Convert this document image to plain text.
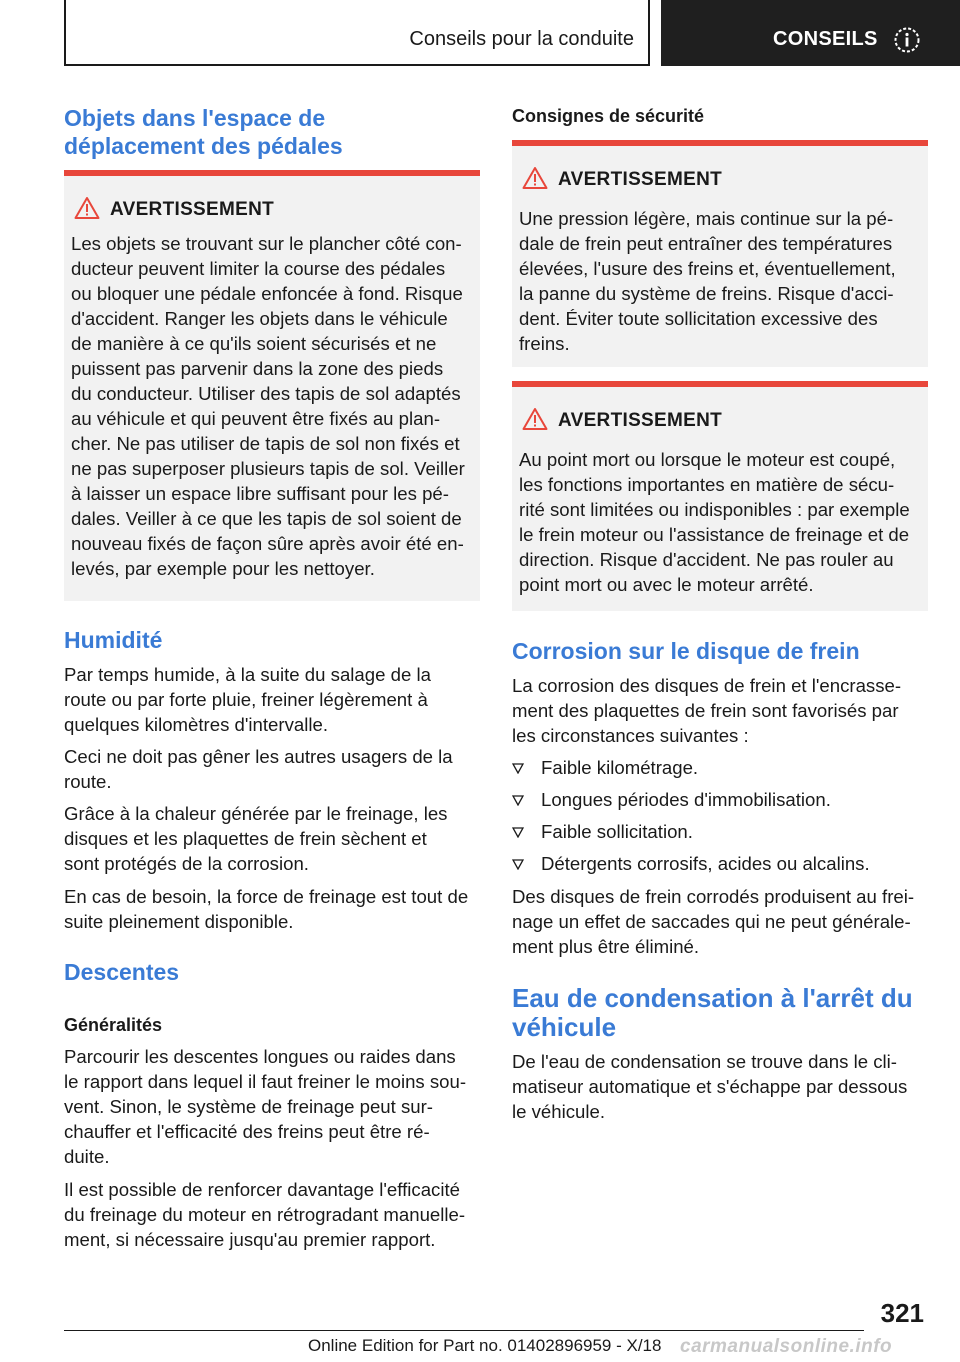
Conseils pour la conduite	CONSEILS
Objets dans l'espace de
déplacement des pédales
AVERTISSEMENT
Les objets se trouvant sur le plancher côté con‐
ducteur peuvent limiter la course des pédales
ou bloquer une pédale enfoncée à fond. Risque
d'accident. Ranger les objets dans le véhicule
de manière à ce qu'ils soient sécurisés et ne
puissent pas parvenir dans la zone des pieds
du conducteur. Utiliser des tapis de sol adaptés
au véhicule et qui peuvent être fixés au plan‐
cher. Ne pas utiliser de tapis de sol non fixés et
ne pas superposer plusieurs tapis de sol. Veiller
à laisser un espace libre suffisant pour les pé‐
dales. Veiller à ce que les tapis de sol soient de
nouveau fixés de façon sûre après avoir été en‐
levés, par exemple pour les nettoyer.
Humidité
Par temps humide, à la suite du salage de la
route ou par forte pluie, freiner légèrement à
quelques kilomètres d'intervalle.
Ceci ne doit pas gêner les autres usagers de la
route.
Grâce à la chaleur générée par le freinage, les
disques et les plaquettes de frein sèchent et
sont protégés de la corrosion.
En cas de besoin, la force de freinage est tout de
suite pleinement disponible.
Descentes
Généralités
Parcourir les descentes longues ou raides dans
le rapport dans lequel il faut freiner le moins sou‐
vent. Sinon, le système de freinage peut sur‐
chauffer et l'efficacité des freins peut être ré‐
duite.
Il est possible de renforcer davantage l'efficacité
du freinage du moteur en rétrogradant manuelle‐
ment, si nécessaire jusqu'au premier rapport.
Consignes de sécurité
AVERTISSEMENT
Une pression légère, mais continue sur la pé‐
dale de frein peut entraîner des températures
élevées, l'usure des freins et, éventuellement,
la panne du système de freins. Risque d'acci‐
dent. Éviter toute sollicitation excessive des
freins.
AVERTISSEMENT
Au point mort ou lorsque le moteur est coupé,
les fonctions importantes en matière de sécu‐
rité sont limitées ou indisponibles : par exemple
le frein moteur ou l'assistance de freinage et de
direction. Risque d'accident. Ne pas rouler au
point mort ou avec le moteur arrêté.
Corrosion sur le disque de frein
La corrosion des disques de frein et l'encrasse‐
ment des plaquettes de frein sont favorisés par
les circonstances suivantes :
Faible kilométrage.
Longues périodes d'immobilisation.
Faible sollicitation.
Détergents corrosifs, acides ou alcalins.
Des disques de frein corrodés produisent au frei‐
nage un effet de saccades qui ne peut générale‐
ment plus être éliminé.
Eau de condensation à l'arrêt du
véhicule
De l'eau de condensation se trouve dans le cli‐
matiseur automatique et s'échappe par dessous
le véhicule.
321
Online Edition for Part no. 01402896959 - X/18 carmanualsonline.info
